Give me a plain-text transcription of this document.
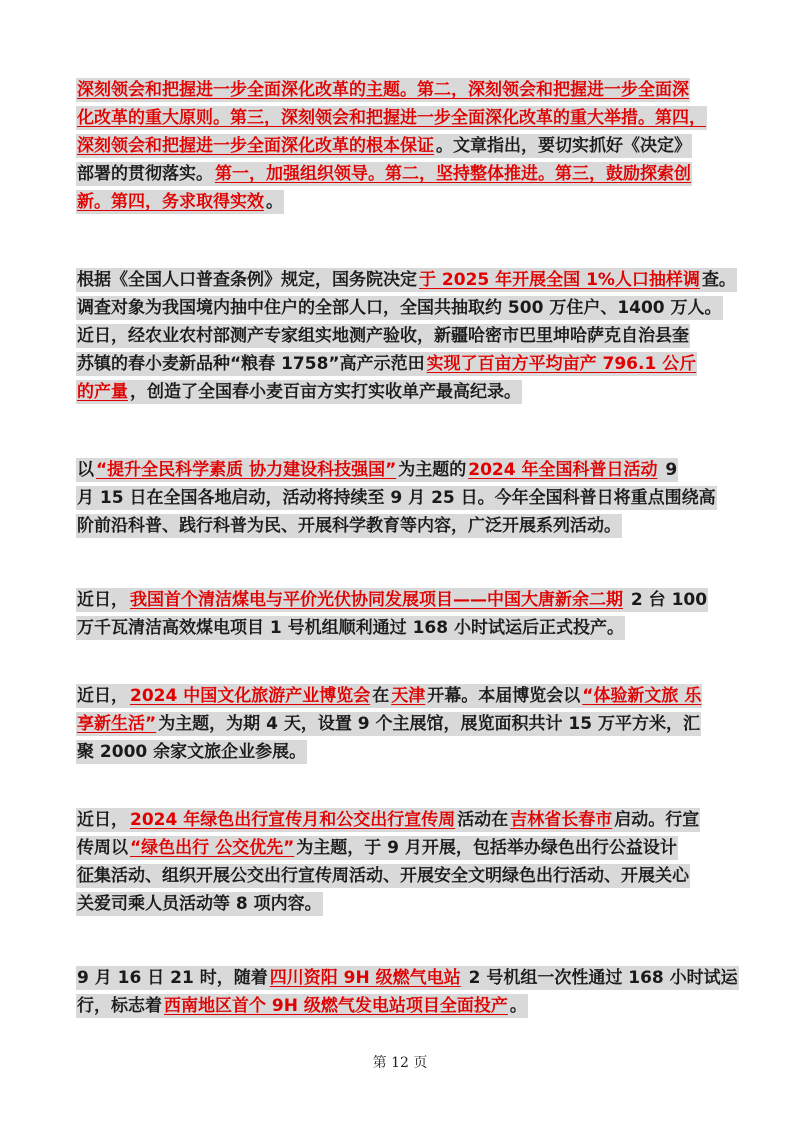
深刻领会和把握进一步全面深化改革的主题。第二，深刻领会和把握进一步全面深
化改革的重大原则。第三，深刻领会和把握进一步全面深化改革的重大举措。第四，
深刻领会和把握进一步全面深化改革的根本保证 。文章指出，要切实抓好《决定》
部署的贯彻落实。 第一，加强组织领导。第二，坚持整体推进。第三，鼓励探索创
新。第四，务求取得实效 。
根据《全国人口普查条例》规定，国务院决定 于 2025 年开展全国 1%人口抽样调 查。
调查对象为我国境内抽中住户的全部人口，全国共抽取约 500 万住户、1400 万人。
近日，经农业农村部测产专家组实地测产验收，新疆哈密市巴里坤哈萨克自治县奎
苏镇的春小麦新品种“粮春 1758”高产示范田 实现了百亩方平均亩产 796.1 公斤
的产量 ，创造了全国春小麦百亩方实打实收单产最高纪录。
以 “提升全民科学素质 协力建设科技强国” 为主题的 2024 年全国科普日活动 9
月 15 日在全国各地启动，活动将持续至 9 月 25 日。今年全国科普日将重点围绕高
阶前沿科普、践行科普为民、开展科学教育等内容，广泛开展系列活动。
近日， 我国首个清洁煤电与平价光伏协同发展项目——中国大唐新余二期 2 台 100
万千瓦清洁高效煤电项目 1 号机组顺利通过 168 小时试运后正式投产。
近日， 2024 中国文化旅游产业博览会 在 天津 开幕。本届博览会以 “体验新文旅 乐
享新生活” 为主题，为期 4 天，设置 9 个主展馆，展览面积共计 15 万平方米，汇
聚 2000 余家文旅企业参展。
近日， 2024 年绿色出行宣传月和公交出行宣传周 活动在 吉林省长春市 启动。行宣
传周以 “绿色出行 公交优先” 为主题，于 9 月开展，包括举办绿色出行公益设计
征集活动、组织开展公交出行宣传周活动、开展安全文明绿色出行活动、开展关心
关爱司乘人员活动等 8 项内容。
9 月 16 日 21 时，随着 四川资阳 9H 级燃气电站 2 号机组一次性通过 168 小时试运
行，标志着 西南地区首个 9H 级燃气发电站项目全面投产 。
第 12 页
